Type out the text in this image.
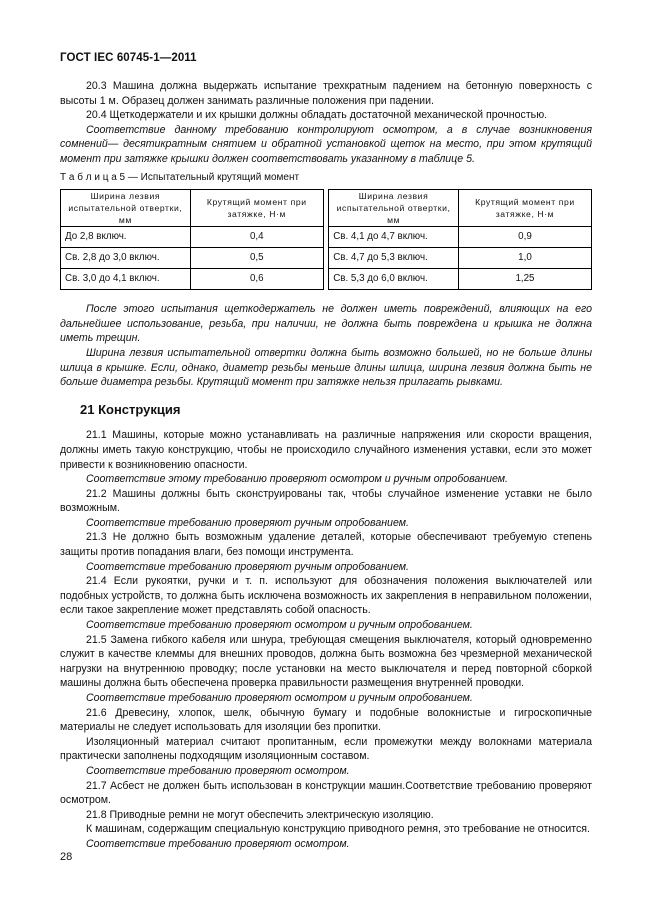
ГОСТ IEC 60745-1—2011

20.3 Машина должна выдержать испытание трехкратным падением на бетонную поверхность с высоты 1 м. Образец должен занимать различные положения при падении.

20.4 Щеткодержатели и их крышки должны обладать достаточной механической прочностью.

Соответствие данному требованию контролируют осмотром, а в случае возникновения сомнений— десятикратным снятием и обратной установкой щеток на место, при этом крутящий момент при затяжке крышки должен соответствовать указанному в таблице 5.

Т а б л и ц а 5 — Испытательный крутящий момент

Ширина лезвия испытательной отвертки, мм	Крутящий момент при затяжке, Н·м		Ширина лезвия испытательной отвертки, мм	Крутящий момент при затяжке, Н·м
До 2,8 включ.	0,4		Св. 4,1 до 4,7 включ.	0,9
Св. 2,8 до 3,0 включ.	0,5		Св. 4,7 до 5,3 включ.	1,0
Св. 3,0 до 4,1 включ.	0,6		Св. 5,3 до 6,0 включ.	1,25

После этого испытания щеткодержатель не должен иметь повреждений, влияющих на его дальнейшее использование, резьба, при наличии, не должна быть повреждена и крышка не должна иметь трещин.

Ширина лезвия испытательной отвертки должна быть возможно большей, но не больше длины шлица в крышке. Если, однако, диаметр резьбы меньше длины шлица, ширина лезвия должна быть не больше диаметра резьбы. Крутящий момент при затяжке нельзя прилагать рывками.

21 Конструкция

21.1 Машины, которые можно устанавливать на различные напряжения или скорости вращения, должны иметь такую конструкцию, чтобы не происходило случайного изменения уставки, если это может привести к возникновению опасности.

Соответствие этому требованию проверяют осмотром и ручным опробованием.

21.2 Машины должны быть сконструированы так, чтобы случайное изменение уставки не было возможным.

Соответствие требованию проверяют ручным опробованием.

21.3 Не должно быть возможным удаление деталей, которые обеспечивают требуемую степень защиты против попадания влаги, без помощи инструмента.

Соответствие требованию проверяют ручным опробованием.

21.4 Если рукоятки, ручки и т. п. используют для обозначения положения выключателей или подобных устройств, то должна быть исключена возможность их закрепления в неправильном положении, если такое закрепление может представлять собой опасность.

Соответствие требованию проверяют осмотром и ручным опробованием.

21.5 Замена гибкого кабеля или шнура, требующая смещения выключателя, который одновременно служит в качестве клеммы для внешних проводов, должна быть возможна без чрезмерной механической нагрузки на внутреннюю проводку; после установки на место выключателя и перед повторной сборкой машины должна быть обеспечена проверка правильности размещения внутренней проводки.

Соответствие требованию проверяют осмотром и ручным опробованием.

21.6 Древесину, хлопок, шелк, обычную бумагу и подобные волокнистые и гигроскопичные материалы не следует использовать для изоляции без пропитки.

Изоляционный материал считают пропитанным, если промежутки между волокнами материала практически заполнены подходящим изоляционным составом.

Соответствие требованию проверяют осмотром.

21.7 Асбест не должен быть использован в конструкции машин.Соответствие требованию проверяют осмотром.

21.8 Приводные ремни не могут обеспечить электрическую изоляцию.

К машинам, содержащим специальную конструкцию приводного ремня, это требование не относится.

Соответствие требованию проверяют осмотром.

28
